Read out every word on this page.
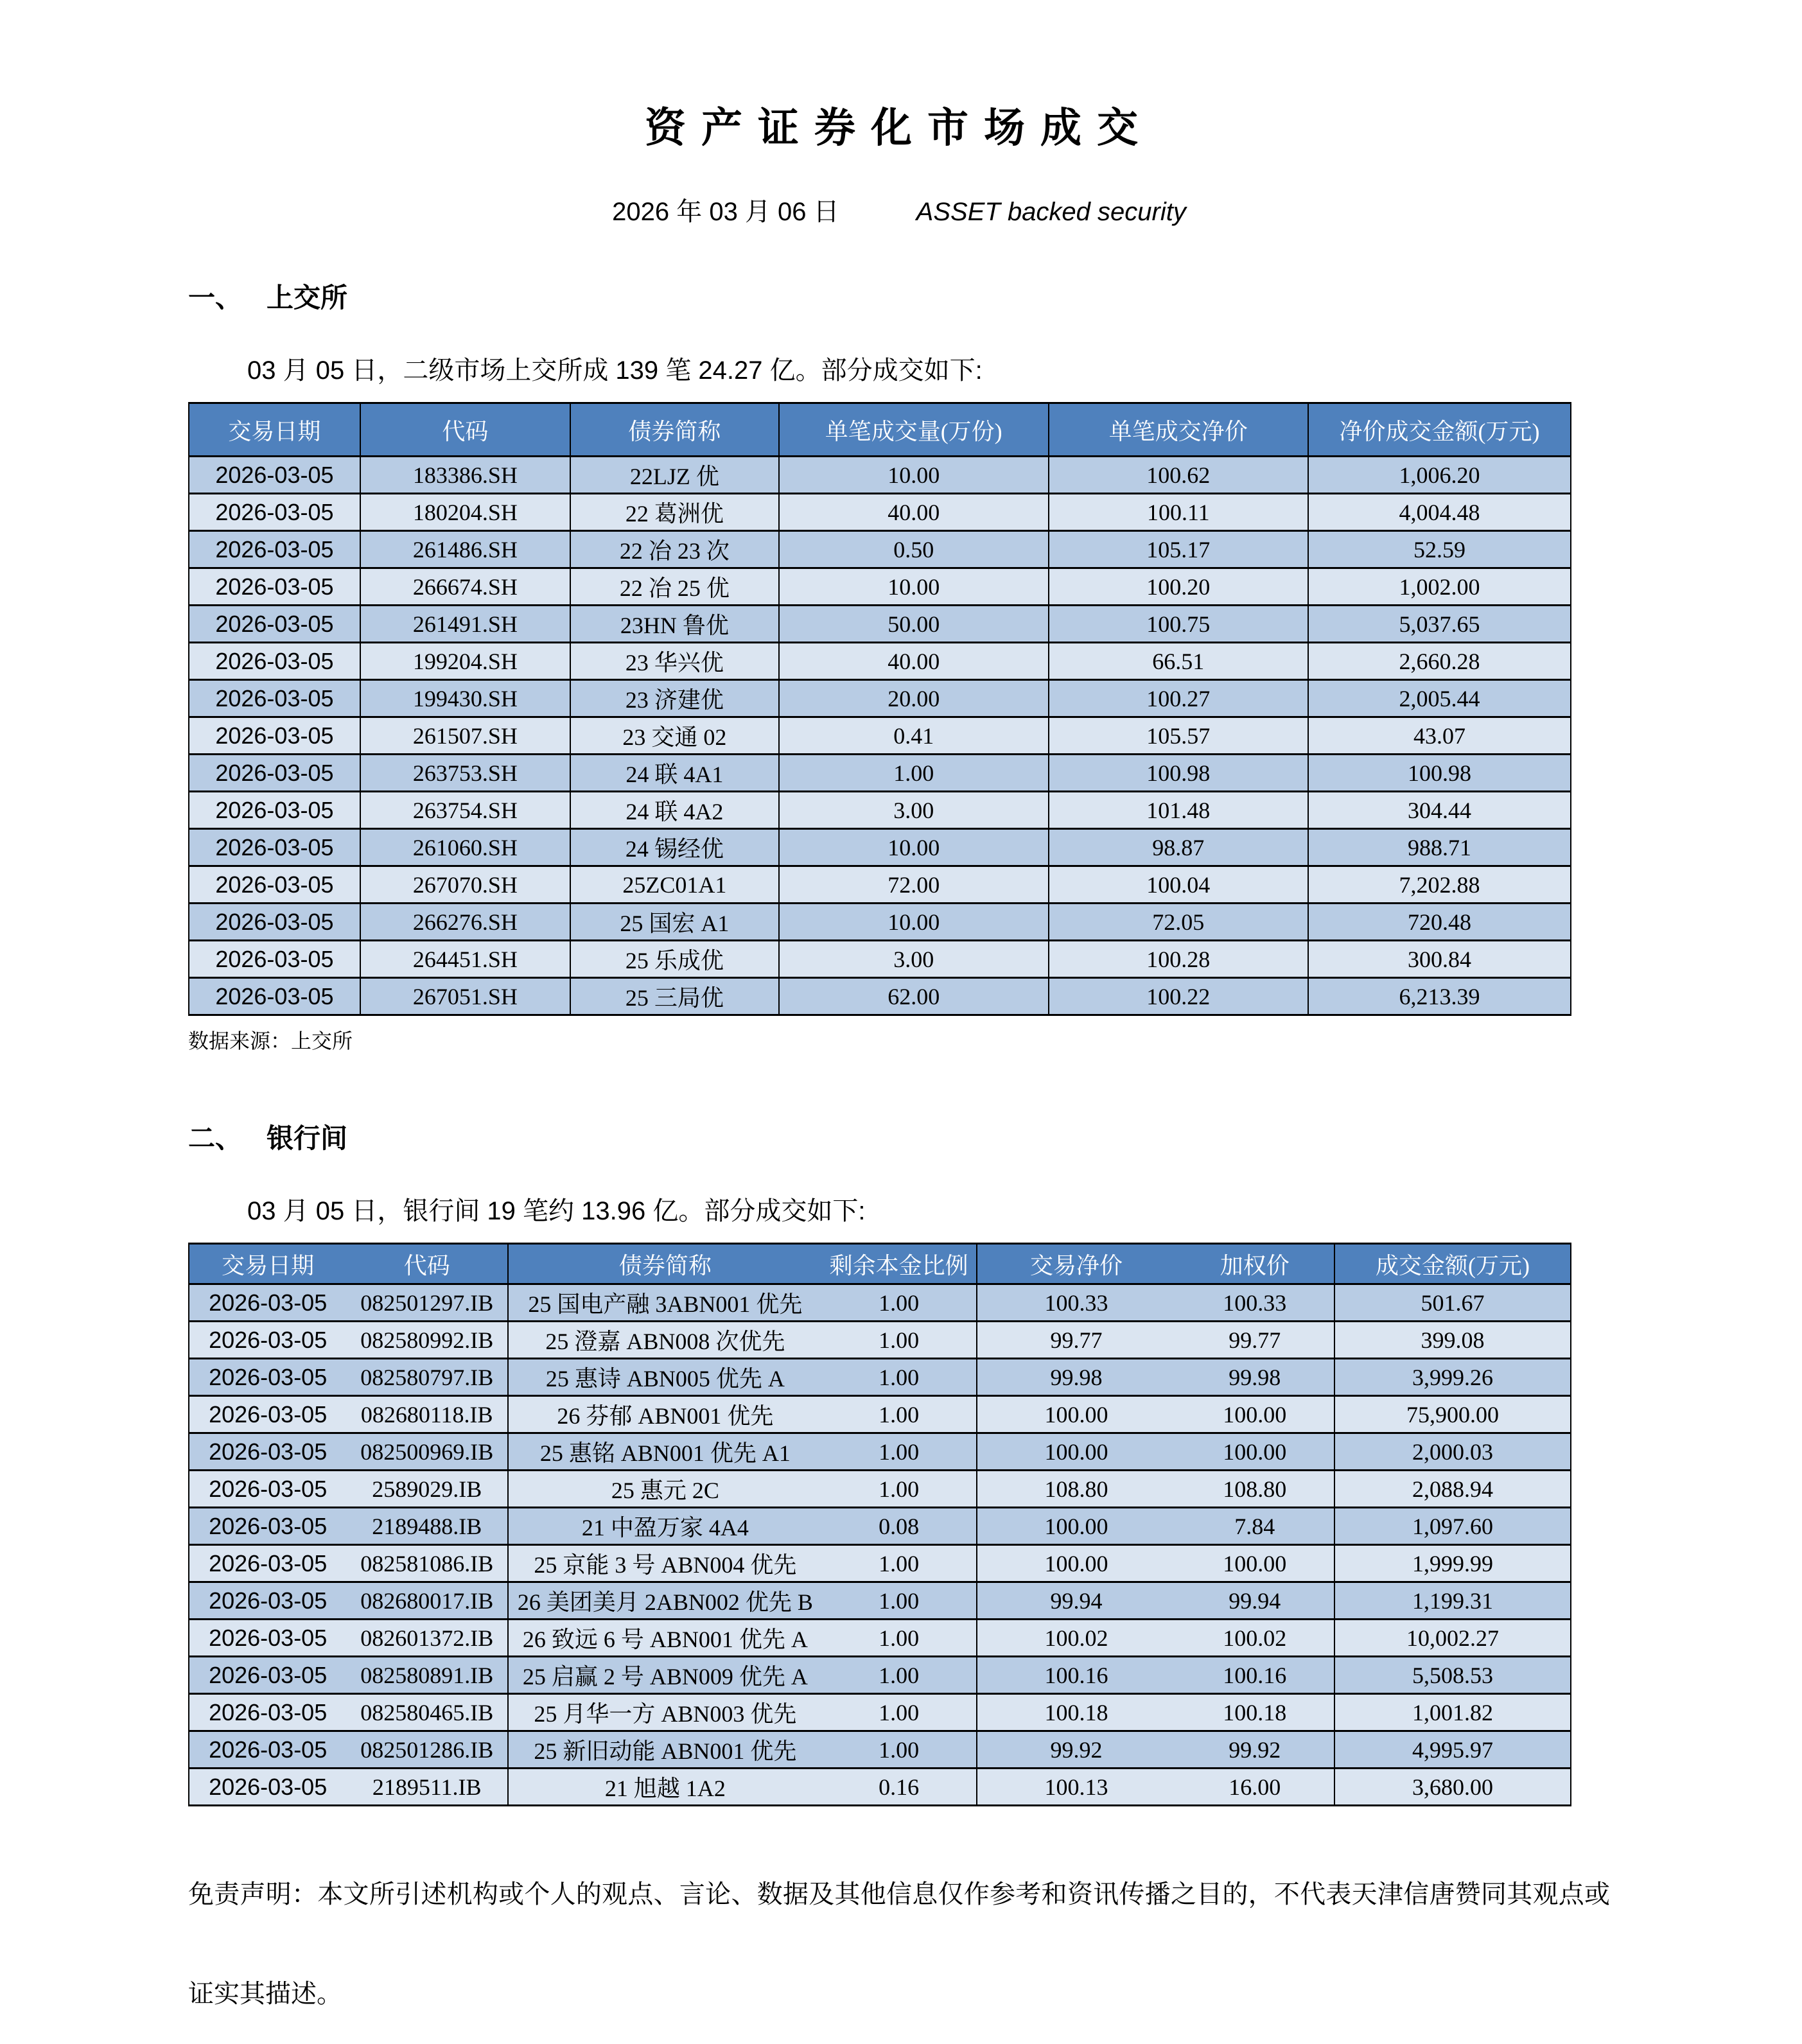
资产证券化市场成交
2026 年 03 月 06 日	ASSET backed security
一、 上交所

03 月 05 日，二级市场上交所成 139 笔 24.27 亿。部分成交如下:

交易日期	代码	债券简称	单笔成交量(万份)	单笔成交净价	净价成交金额(万元)
2026-03-05	183386.SH	22LJZ 优	10.00	100.62	1,006.20
2026-03-05	180204.SH	22 葛洲优	40.00	100.11	4,004.48
2026-03-05	261486.SH	22 冶 23 次	0.50	105.17	52.59
2026-03-05	266674.SH	22 冶 25 优	10.00	100.20	1,002.00
2026-03-05	261491.SH	23HN 鲁优	50.00	100.75	5,037.65
2026-03-05	199204.SH	23 华兴优	40.00	66.51	2,660.28
2026-03-05	199430.SH	23 济建优	20.00	100.27	2,005.44
2026-03-05	261507.SH	23 交通 02	0.41	105.57	43.07
2026-03-05	263753.SH	24 联 4A1	1.00	100.98	100.98
2026-03-05	263754.SH	24 联 4A2	3.00	101.48	304.44
2026-03-05	261060.SH	24 锡经优	10.00	98.87	988.71
2026-03-05	267070.SH	25ZC01A1	72.00	100.04	7,202.88
2026-03-05	266276.SH	25 国宏 A1	10.00	72.05	720.48
2026-03-05	264451.SH	25 乐成优	3.00	100.28	300.84
2026-03-05	267051.SH	25 三局优	62.00	100.22	6,213.39
数据来源：上交所
二、 银行间

03 月 05 日，银行间 19 笔约 13.96 亿。部分成交如下:

交易日期	代码	债券简称	剩余本金比例	交易净价	加权价	成交金额(万元)
2026-03-05	082501297.IB	25 国电产融 3ABN001 优先	1.00	100.33	100.33	501.67
2026-03-05	082580992.IB	25 澄嘉 ABN008 次优先	1.00	99.77	99.77	399.08
2026-03-05	082580797.IB	25 惠诗 ABN005 优先 A	1.00	99.98	99.98	3,999.26
2026-03-05	082680118.IB	26 芬郁 ABN001 优先	1.00	100.00	100.00	75,900.00
2026-03-05	082500969.IB	25 惠铭 ABN001 优先 A1	1.00	100.00	100.00	2,000.03
2026-03-05	2589029.IB	25 惠元 2C	1.00	108.80	108.80	2,088.94
2026-03-05	2189488.IB	21 中盈万家 4A4	0.08	100.00	7.84	1,097.60
2026-03-05	082581086.IB	25 京能 3 号 ABN004 优先	1.00	100.00	100.00	1,999.99
2026-03-05	082680017.IB	26 美团美月 2ABN002 优先 B	1.00	99.94	99.94	1,199.31
2026-03-05	082601372.IB	26 致远 6 号 ABN001 优先 A	1.00	100.02	100.02	10,002.27
2026-03-05	082580891.IB	25 启赢 2 号 ABN009 优先 A	1.00	100.16	100.16	5,508.53
2026-03-05	082580465.IB	25 月华一方 ABN003 优先	1.00	100.18	100.18	1,001.82
2026-03-05	082501286.IB	25 新旧动能 ABN001 优先	1.00	99.92	99.92	4,995.97
2026-03-05	2189511.IB	21 旭越 1A2	0.16	100.13	16.00	3,680.00

免责声明：本文所引述机构或个人的观点、言论、数据及其他信息仅作参考和资讯传播之目的，不代表天津信唐赞同其观点或证实其描述。
